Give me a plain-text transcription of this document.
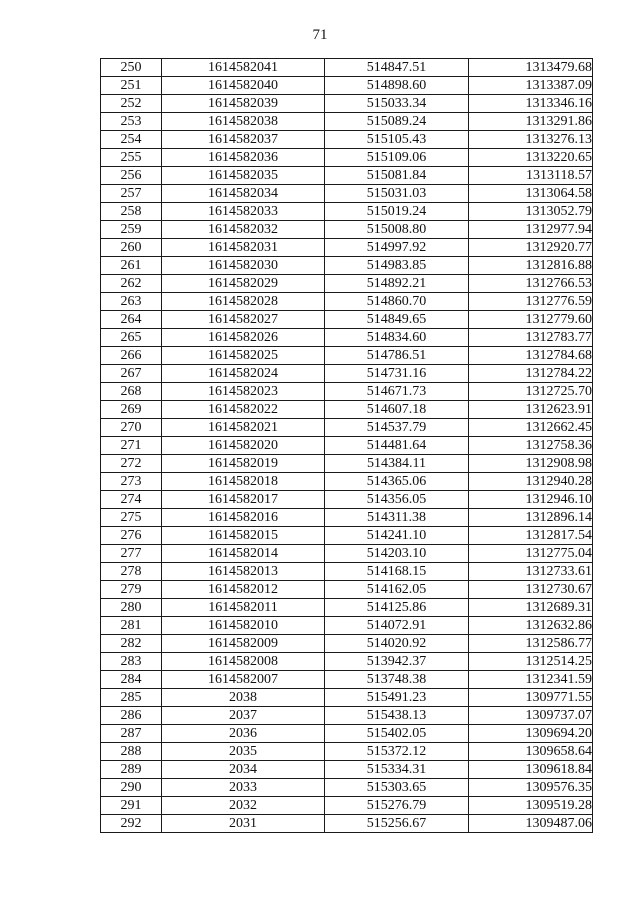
71
250	1614582041	514847.51	1313479.68
251	1614582040	514898.60	1313387.09
252	1614582039	515033.34	1313346.16
253	1614582038	515089.24	1313291.86
254	1614582037	515105.43	1313276.13
255	1614582036	515109.06	1313220.65
256	1614582035	515081.84	1313118.57
257	1614582034	515031.03	1313064.58
258	1614582033	515019.24	1313052.79
259	1614582032	515008.80	1312977.94
260	1614582031	514997.92	1312920.77
261	1614582030	514983.85	1312816.88
262	1614582029	514892.21	1312766.53
263	1614582028	514860.70	1312776.59
264	1614582027	514849.65	1312779.60
265	1614582026	514834.60	1312783.77
266	1614582025	514786.51	1312784.68
267	1614582024	514731.16	1312784.22
268	1614582023	514671.73	1312725.70
269	1614582022	514607.18	1312623.91
270	1614582021	514537.79	1312662.45
271	1614582020	514481.64	1312758.36
272	1614582019	514384.11	1312908.98
273	1614582018	514365.06	1312940.28
274	1614582017	514356.05	1312946.10
275	1614582016	514311.38	1312896.14
276	1614582015	514241.10	1312817.54
277	1614582014	514203.10	1312775.04
278	1614582013	514168.15	1312733.61
279	1614582012	514162.05	1312730.67
280	1614582011	514125.86	1312689.31
281	1614582010	514072.91	1312632.86
282	1614582009	514020.92	1312586.77
283	1614582008	513942.37	1312514.25
284	1614582007	513748.38	1312341.59
285	2038	515491.23	1309771.55
286	2037	515438.13	1309737.07
287	2036	515402.05	1309694.20
288	2035	515372.12	1309658.64
289	2034	515334.31	1309618.84
290	2033	515303.65	1309576.35
291	2032	515276.79	1309519.28
292	2031	515256.67	1309487.06
